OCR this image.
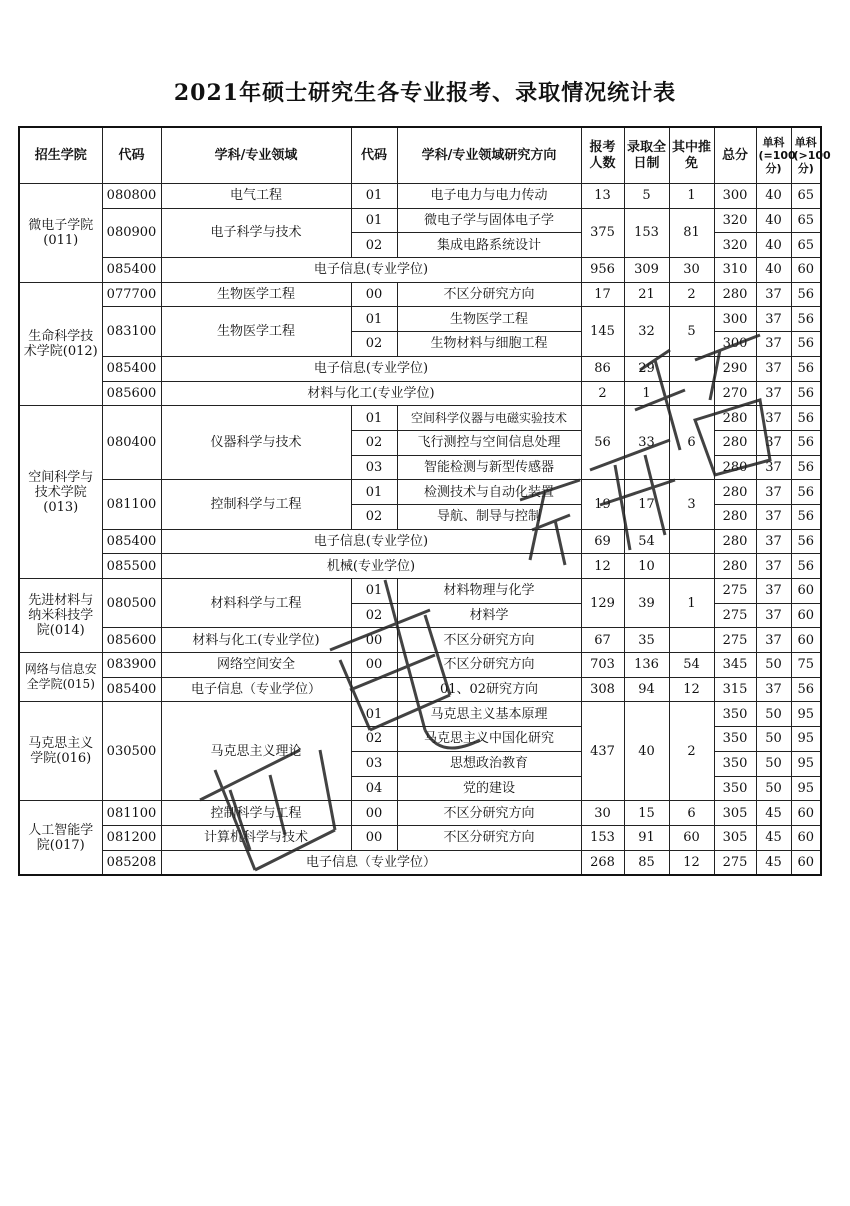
2021年硕士研究生各专业报考、录取情况统计表
招生学院	代码	学科/专业领域	代码	学科/专业领域研究方向	报考人数	录取全日制	其中推免	总分	单科(=100分)	单科(>100分)
微电子学院(011)	080800	电气工程	01	电子电力与电力传动	13	5	1	300	40	65
	080900	电子科学与技术	01	微电子学与固体电子学	375	153	81	320	40	65
			02	集成电路系统设计				320	40	65
	085400	电子信息(专业学位)			956	309	30	310	40	60
生命科学技术学院(012)	077700	生物医学工程	00	不区分研究方向	17	21	2	280	37	56
	083100	生物医学工程	01	生物医学工程	145	32	5	300	37	56
			02	生物材料与细胞工程				300	37	56
	085400	电子信息(专业学位)			86	29		290	37	56
	085600	材料与化工(专业学位)			2	1		270	37	56
空间科学与技术学院(013)	080400	仪器科学与技术	01	空间科学仪器与电磁实验技术	56	33	6	280	37	56
			02	飞行测控与空间信息处理				280	37	56
			03	智能检测与新型传感器				280	37	56
	081100	控制科学与工程	01	检测技术与自动化装置	19	17	3	280	37	56
			02	导航、制导与控制				280	37	56
	085400	电子信息(专业学位)			69	54		280	37	56
	085500	机械(专业学位)			12	10		280	37	56
先进材料与纳米科技学院(014)	080500	材料科学与工程	01	材料物理与化学	129	39	1	275	37	60
			02	材料学				275	37	60
	085600	材料与化工(专业学位)	00	不区分研究方向	67	35		275	37	60
网络与信息安全学院(015)	083900	网络空间安全	00	不区分研究方向	703	136	54	345	50	75
	085400	电子信息（专业学位）		01、02研究方向	308	94	12	315	37	56
马克思主义学院(016)	030500	马克思主义理论	01	马克思主义基本原理	437	40	2	350	50	95
			02	马克思主义中国化研究				350	50	95
			03	思想政治教育				350	50	95
			04	党的建设				350	50	95
人工智能学院(017)	081100	控制科学与工程	00	不区分研究方向	30	15	6	305	45	60
	081200	计算机科学与技术	00	不区分研究方向	153	91	60	305	45	60
	085208	电子信息（专业学位）			268	85	12	275	45	60
